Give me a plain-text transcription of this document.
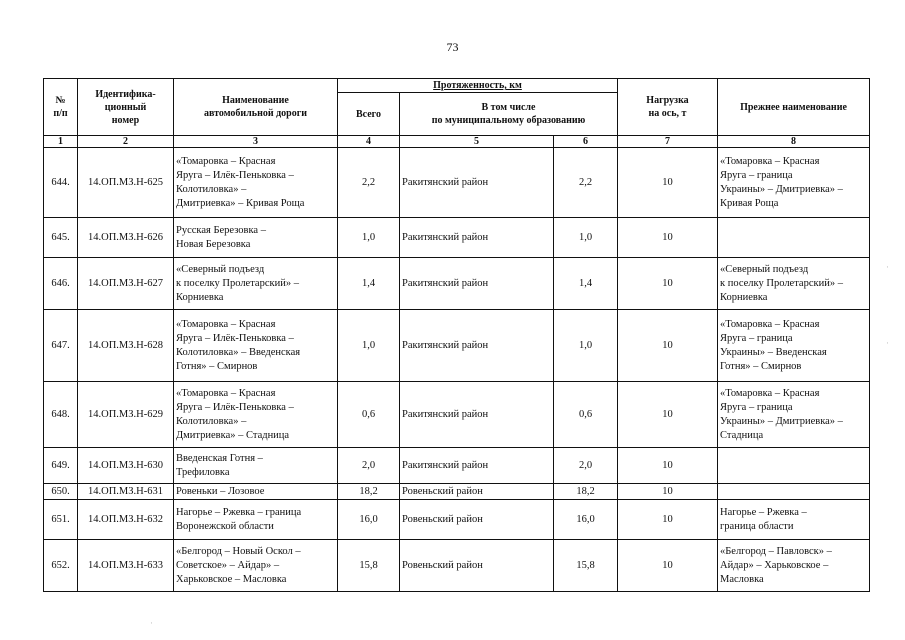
73
№
п/п	Идентифика-
ционный
номер	Наименование
автомобильной дороги	Протяженность, км			Нагрузка
на ось, т	Прежнее наименование

			Всего	В том числе
по муниципальному образованию			

1	2	3	4	5	6	7	8

644.	14.ОП.МЗ.Н-625	«Томаровка – Красная
Яруга – Илёк-Пеньковка –
Колотиловка» –
Дмитриевка» – Кривая Роща	2,2	Ракитянский район	2,2	10	«Томаровка – Красная
Яруга – граница
Украины» – Дмитриевка» –
Кривая Роща

645.	14.ОП.МЗ.Н-626	Русская Березовка –
Новая Березовка	1,0	Ракитянский район	1,0	10	

646.	14.ОП.МЗ.Н-627	«Северный подъезд
к поселку Пролетарский» –
Корниевка	1,4	Ракитянский район	1,4	10	«Северный подъезд
к поселку Пролетарский» –
Корниевка

647.	14.ОП.МЗ.Н-628	«Томаровка – Красная
Яруга – Илёк-Пеньковка –
Колотиловка» – Введенская
Готня» – Смирнов	1,0	Ракитянский район	1,0	10	«Томаровка – Красная
Яруга – граница
Украины» – Введенская
Готня» – Смирнов

648.	14.ОП.МЗ.Н-629	«Томаровка – Красная
Яруга – Илёк-Пеньковка –
Колотиловка» –
Дмитриевка» – Стадница	0,6	Ракитянский район	0,6	10	«Томаровка – Красная
Яруга – граница
Украины» – Дмитриевка» –
Стадница

649.	14.ОП.МЗ.Н-630	Введенская Готня –
Трефиловка	2,0	Ракитянский район	2,0	10	

650.	14.ОП.МЗ.Н-631	Ровеньки – Лозовое	18,2	Ровеньский район	18,2	10	

651.	14.ОП.МЗ.Н-632	Нагорье – Ржевка – граница
Воронежской области	16,0	Ровеньский район	16,0	10	Нагорье – Ржевка –
граница области

652.	14.ОП.МЗ.Н-633	«Белгород – Новый Оскол –
Советское» – Айдар» –
Харьковское – Масловка	15,8	Ровеньский район	15,8	10	«Белгород – Павловск» –
Айдар» – Харьковское –
Масловка
·
·
·
